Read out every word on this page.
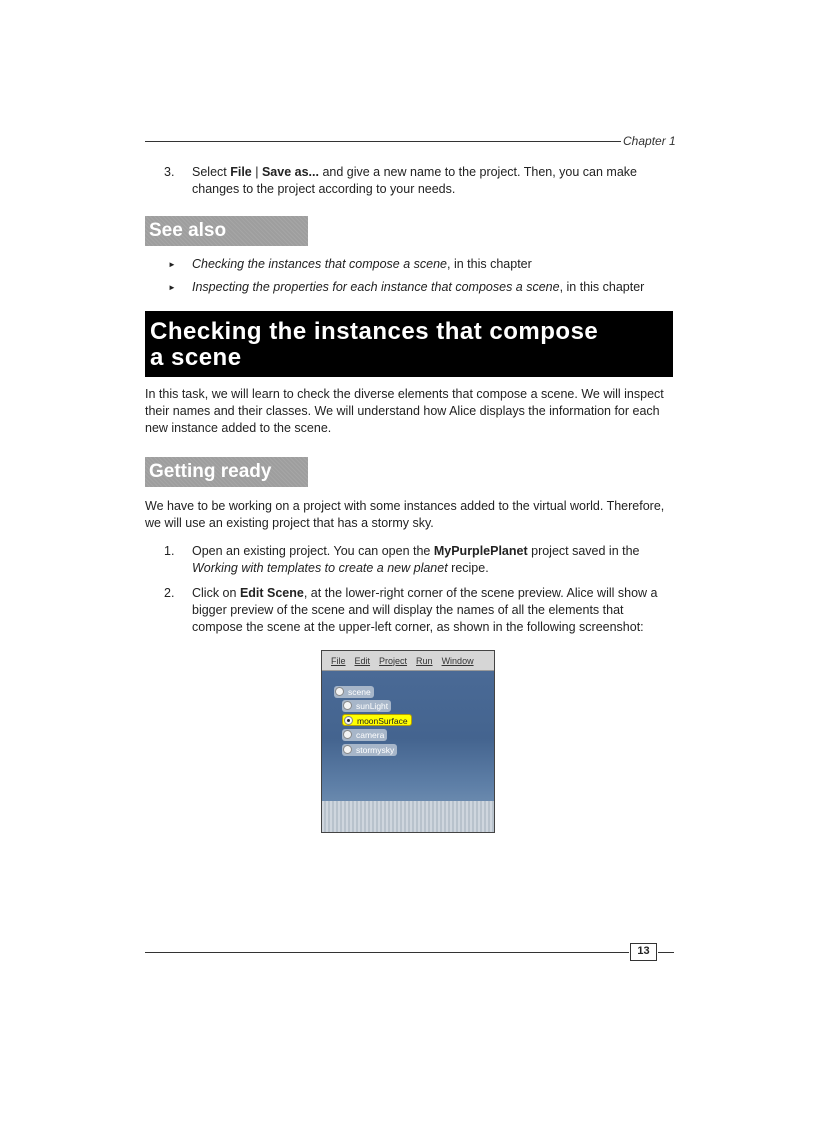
Chapter 1
3. Select File | Save as... and give a new name to the project. Then, you can make changes to the project according to your needs.
See also
► Checking the instances that compose a scene, in this chapter
► Inspecting the properties for each instance that composes a scene, in this chapter
Checking the instances that compose
a scene
In this task, we will learn to check the diverse elements that compose a scene. We will inspect their names and their classes. We will understand how Alice displays the information for each new instance added to the scene.
Getting ready
We have to be working on a project with some instances added to the virtual world. Therefore, we will use an existing project that has a stormy sky.
1. Open an existing project. You can open the MyPurplePlanet project saved in the Working with templates to create a new planet recipe.
2. Click on Edit Scene, at the lower-right corner of the scene preview. Alice will show a bigger preview of the scene and will display the names of all the elements that compose the scene at the upper-left corner, as shown in the following screenshot:
File Edit Project Run Window
scene
sunLight
moonSurface
camera
stormysky
13
